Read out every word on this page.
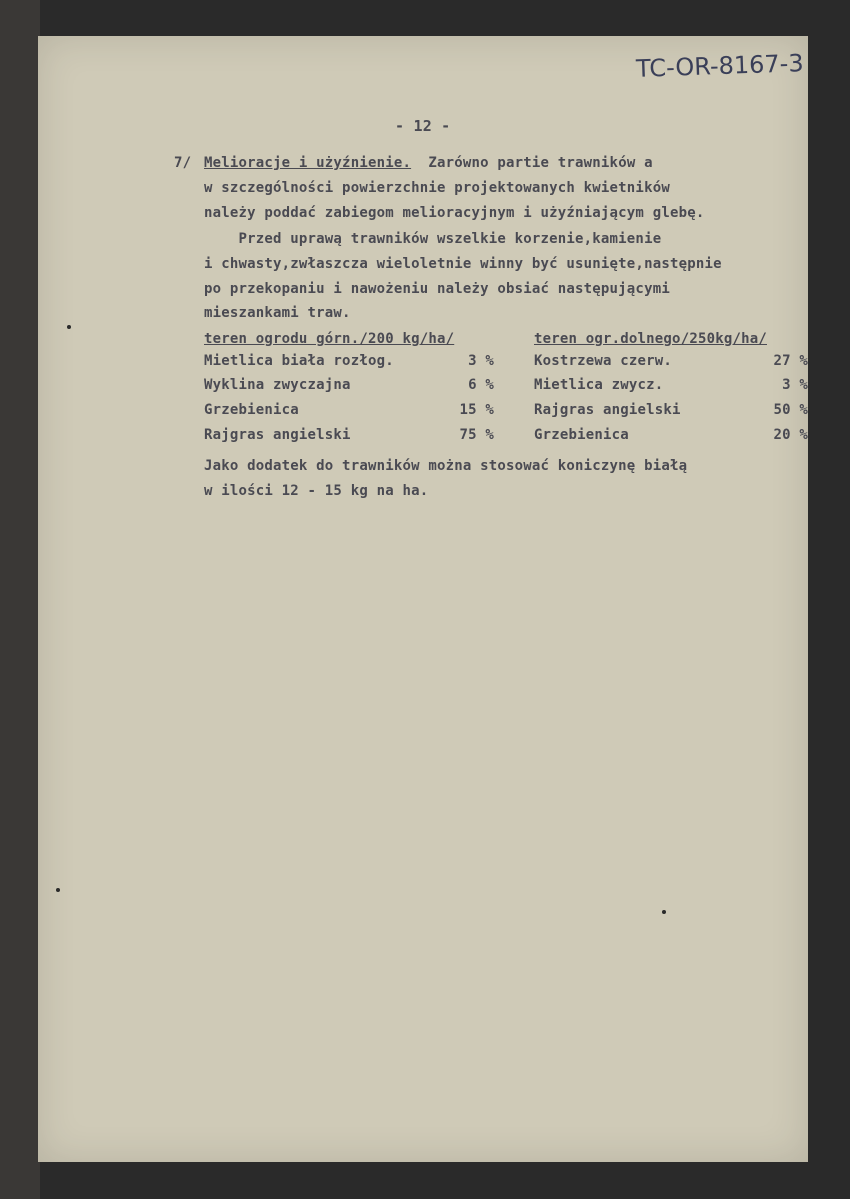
TC-OR-8167-3
- 12 -
7/ Melioracje i użyźnienie. Zarówno partie trawników a
w szczególności powierzchnie projektowanych kwietników
należy poddać zabiegom melioracyjnym i użyźniającym glebę.
Przed uprawą trawników wszelkie korzenie,kamienie
i chwasty,zwłaszcza wieloletnie winny być usunięte,następnie
po przekopaniu i nawożeniu należy obsiać następującymi
mieszankami traw.
teren ogrodu górn./200 kg/ha/
Mietlica biała rozłog.	3 %
Wyklina zwyczajna	6 %
Grzebienica	15 %
Rajgras angielski	75 %
teren ogr.dolnego/250kg/ha/
Kostrzewa czerw.	27 %
Mietlica zwycz.	3 %
Rajgras angielski	50 %
Grzebienica	20 %
Jako dodatek do trawników można stosować koniczynę białą
w ilości 12 - 15 kg na ha.
